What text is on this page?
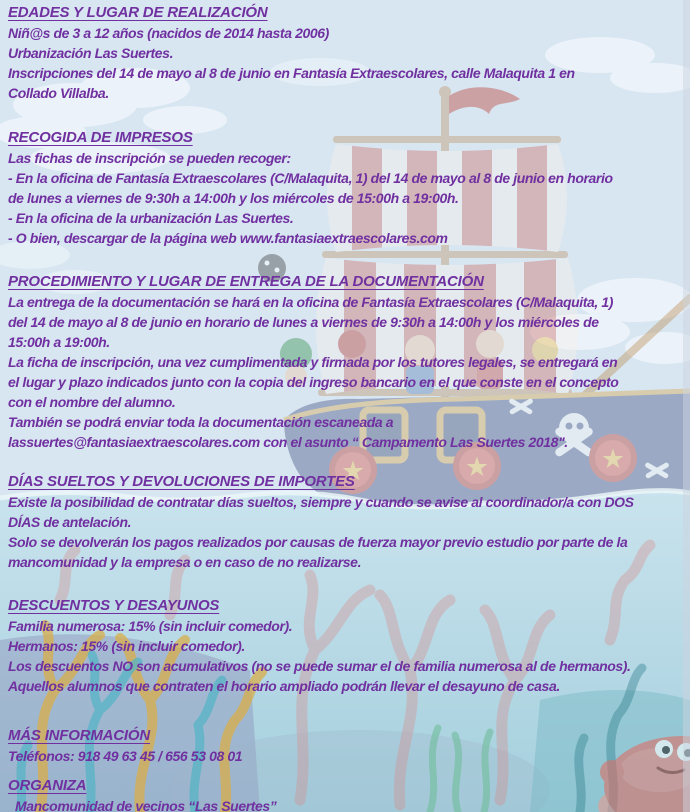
★	★	★
EDADES Y LUGAR DE REALIZACIÓN
Niñ@s de 3 a 12 años (nacidos de 2014 hasta 2006)
Urbanización Las Suertes.
Inscripciones del 14 de mayo al 8 de junio en Fantasía Extraescolares, calle Malaquita 1 en
Collado Villalba.
RECOGIDA DE IMPRESOS
Las fichas de inscripción se pueden recoger:
- En la oficina de Fantasía Extraescolares (C/Malaquita, 1) del 14 de mayo al 8 de junio en horario
de lunes a viernes de 9:30h a 14:00h y los miércoles de 15:00h a 19:00h.
- En la oficina de la urbanización Las Suertes.
- O bien, descargar de la página web www.fantasiaextraescolares.com
PROCEDIMIENTO Y LUGAR DE ENTREGA DE LA DOCUMENTACIÓN
La entrega de la documentación se hará en la oficina de Fantasía Extraescolares (C/Malaquita, 1)
del 14 de mayo al 8 de junio en horario de lunes a viernes de 9:30h a 14:00h y los miércoles de
15:00h a 19:00h.
La ficha de inscripción, una vez cumplimentada y firmada por los tutores legales, se entregará en
el lugar y plazo indicados junto con la copia del ingreso bancario en el que conste en el concepto
con el nombre del alumno.
También se podrá enviar toda la documentación escaneada a
lassuertes@fantasiaextraescolares.com con el asunto “ Campamento Las Suertes 2018".
DÍAS SUELTOS Y DEVOLUCIONES DE IMPORTES
Existe la posibilidad de contratar días sueltos, siempre y cuando se avise al coordinador/a con DOS
DÍAS de antelación.
Solo se devolverán los pagos realizados por causas de fuerza mayor previo estudio por parte de la
mancomunidad y la empresa o en caso de no realizarse.
DESCUENTOS Y DESAYUNOS
Familia numerosa: 15% (sin incluir comedor).
Hermanos: 15% (sin incluir comedor).
Los descuentos NO son acumulativos (no se puede sumar el de familia numerosa al de hermanos).
Aquellos alumnos que contraten el horario ampliado podrán llevar el desayuno de casa.
MÁS INFORMACIÓN
Teléfonos: 918 49 63 45 / 656 53 08 01
ORGANIZA
Mancomunidad de vecinos “Las Suertes”
